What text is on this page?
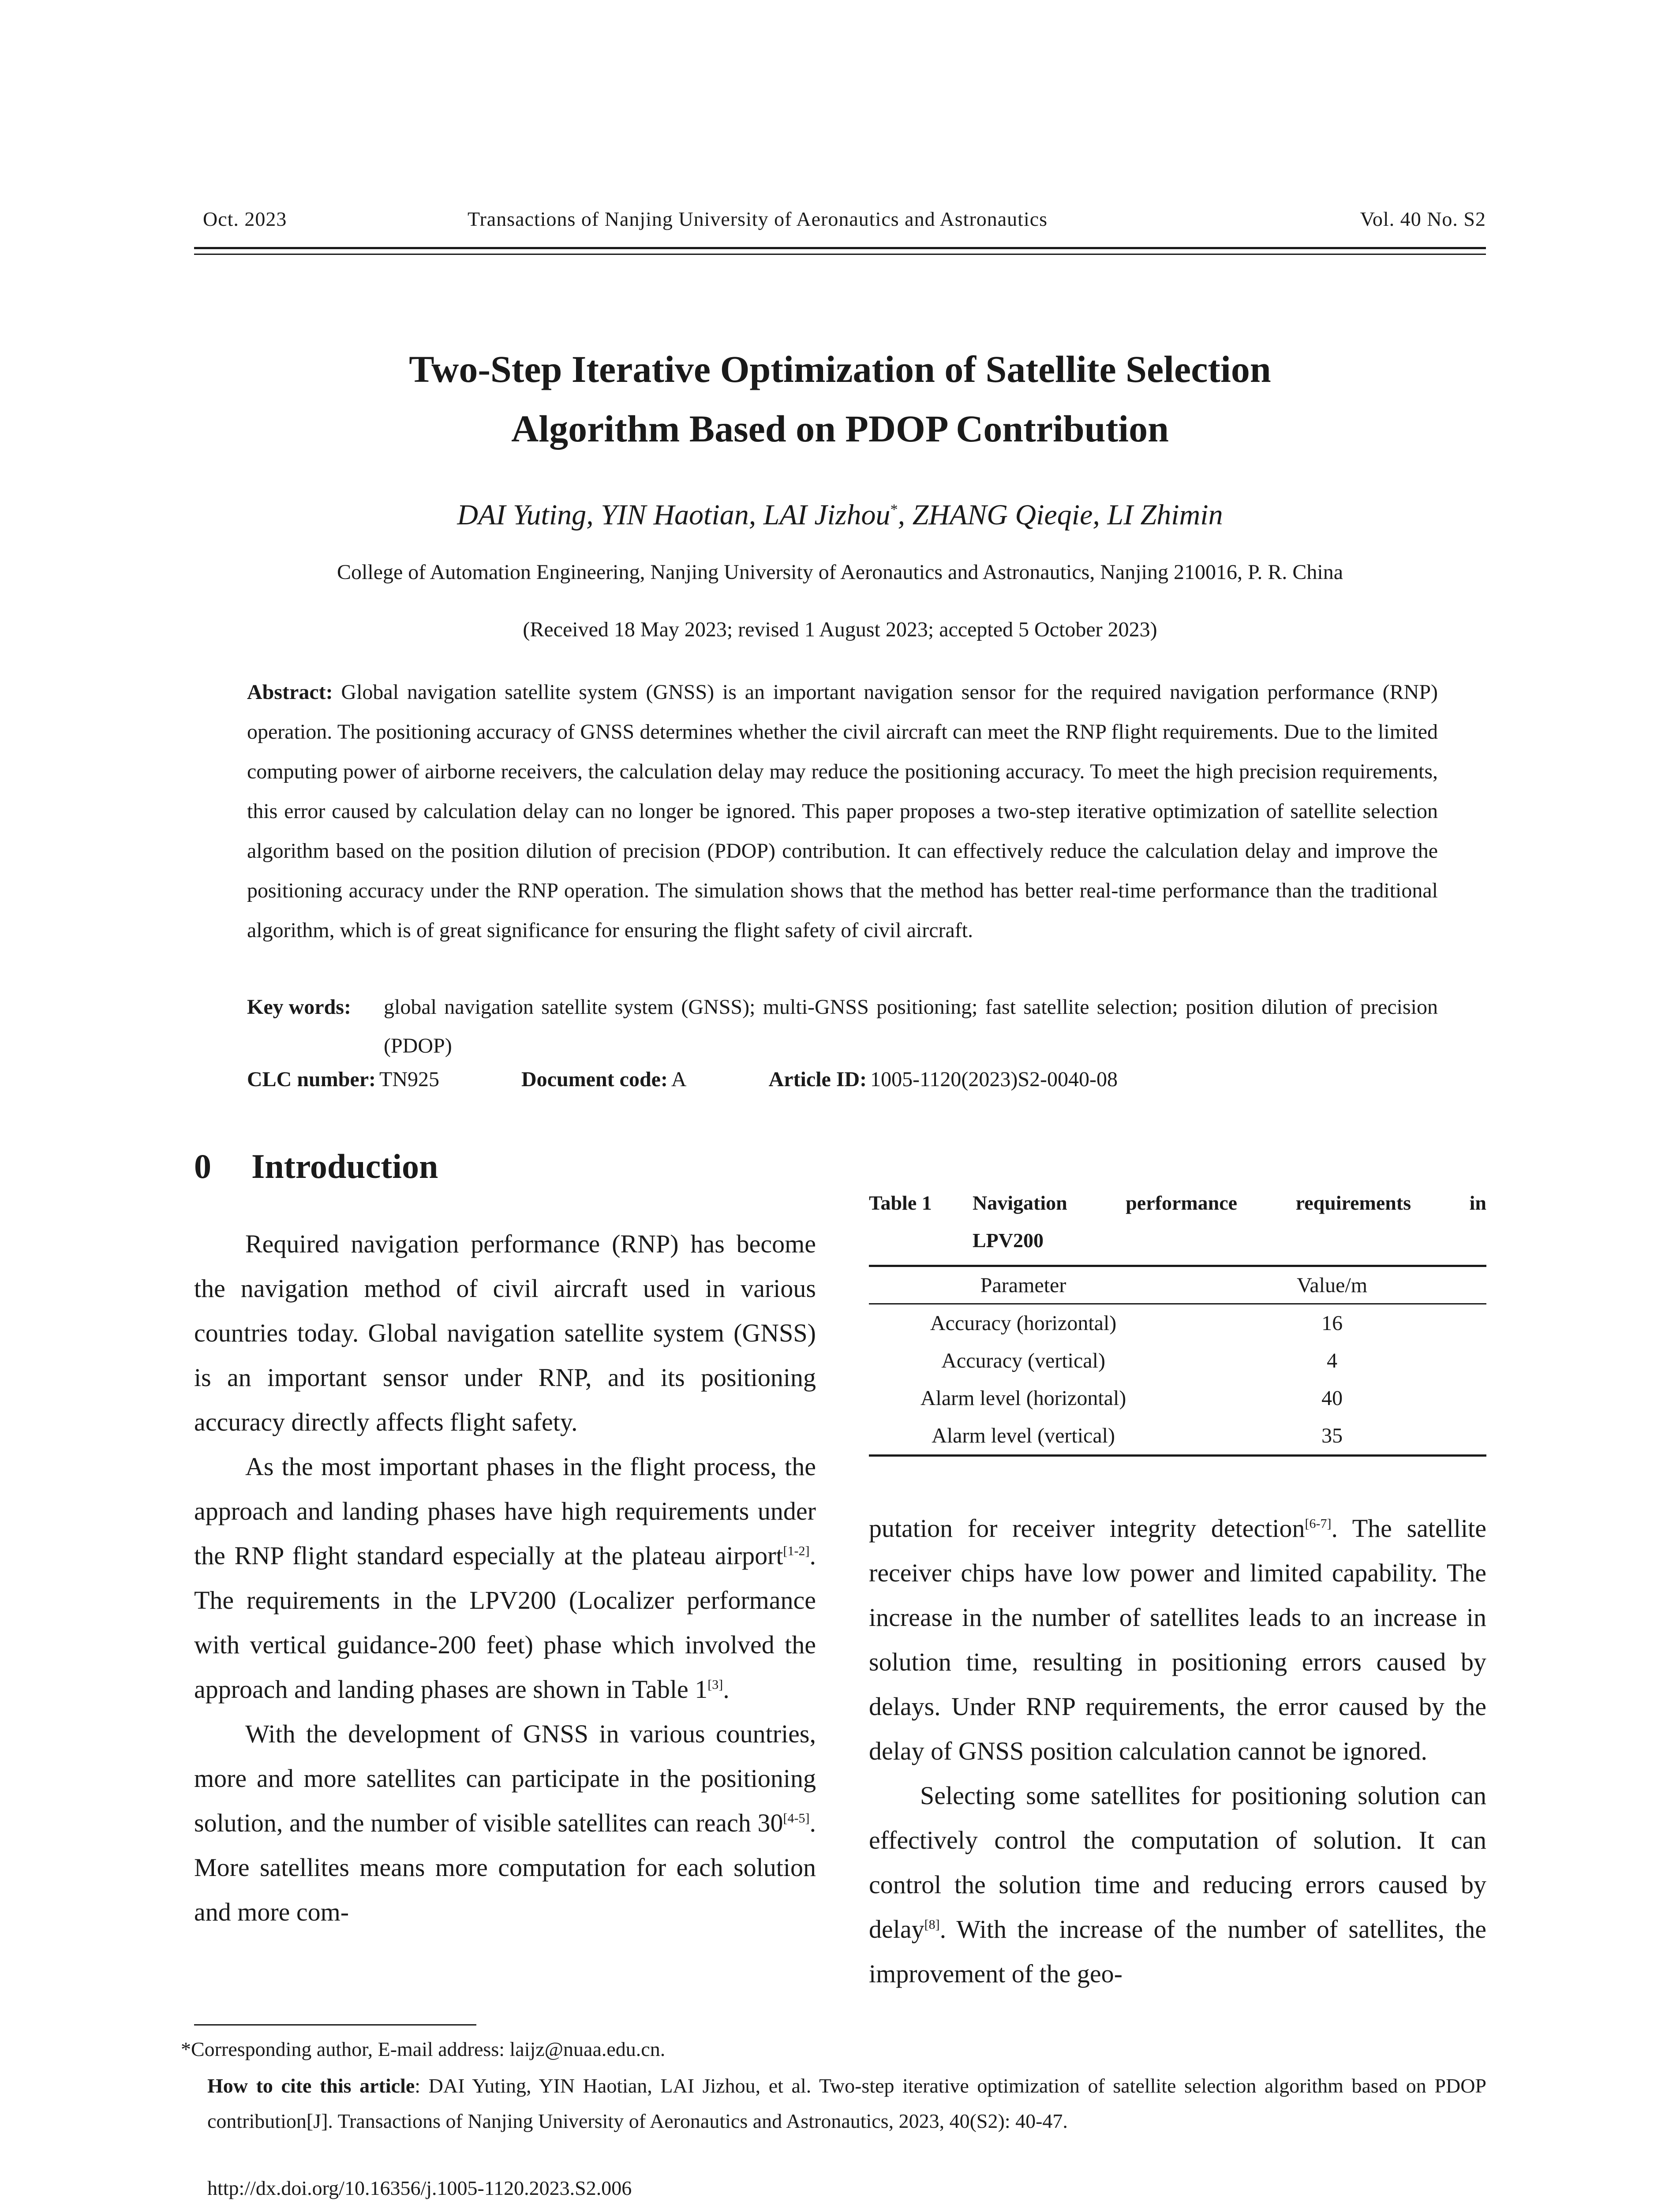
Oct. 2023	Transactions of Nanjing University of Aeronautics and Astronautics	Vol. 40 No. S2
Two-Step Iterative Optimization of Satellite Selection
Algorithm Based on PDOP Contribution
DAI Yuting, YIN Haotian, LAI Jizhou*, ZHANG Qieqie, LI Zhimin
College of Automation Engineering, Nanjing University of Aeronautics and Astronautics, Nanjing 210016, P. R. China
(Received 18 May 2023; revised 1 August 2023; accepted 5 October 2023)
Abstract: Global navigation satellite system (GNSS) is an important navigation sensor for the required navigation performance (RNP) operation. The positioning accuracy of GNSS determines whether the civil aircraft can meet the RNP flight requirements. Due to the limited computing power of airborne receivers, the calculation delay may reduce the positioning accuracy. To meet the high precision requirements, this error caused by calculation delay can no longer be ignored. This paper proposes a two-step iterative optimization of satellite selection algorithm based on the position dilution of precision (PDOP) contribution. It can effectively reduce the calculation delay and improve the positioning accuracy under the RNP operation. The simulation shows that the method has better real-time performance than the traditional algorithm, which is of great significance for ensuring the flight safety of civil aircraft.
Key words: global navigation satellite system (GNSS); multi-GNSS positioning; fast satellite selection; position dilution of precision (PDOP)
CLC number: TN925	Document code: A	Article ID: 1005-1120(2023)S2-0040-08
0 Introduction

Required navigation performance (RNP) has become the navigation method of civil aircraft used in various countries today. Global navigation satellite system (GNSS) is an important sensor under RNP, and its positioning accuracy directly affects flight safety.

As the most important phases in the flight process, the approach and landing phases have high requirements under the RNP flight standard especially at the plateau airport[1-2]. The requirements in the LPV200 (Localizer performance with vertical guidance-200 feet) phase which involved the approach and landing phases are shown in Table 1[3].

With the development of GNSS in various countries, more and more satellites can participate in the positioning solution, and the number of visible satellites can reach 30[4-5]. More satellites means more computation for each solution and more com-

Table 1 Navigation	performance	requirements	in
LPV200
Parameter	Value/m
Accuracy (horizontal)	16
Accuracy (vertical)	4
Alarm level (horizontal)	40
Alarm level (vertical)	35

putation for receiver integrity detection[6-7]. The satellite receiver chips have low power and limited capability. The increase in the number of satellites leads to an increase in solution time, resulting in positioning errors caused by delays. Under RNP requirements, the error caused by the delay of GNSS position calculation cannot be ignored.

Selecting some satellites for positioning solution can effectively control the computation of solution. It can control the solution time and reducing errors caused by delay[8]. With the increase of the number of satellites, the improvement of the geo-

*Corresponding author, E-mail address: laijz@nuaa.edu.cn.
How to cite this article: DAI Yuting, YIN Haotian, LAI Jizhou, et al. Two-step iterative optimization of satellite selection algorithm based on PDOP contribution[J]. Transactions of Nanjing University of Aeronautics and Astronautics, 2023, 40(S2): 40-47.
http://dx.doi.org/10.16356/j.1005-1120.2023.S2.006
